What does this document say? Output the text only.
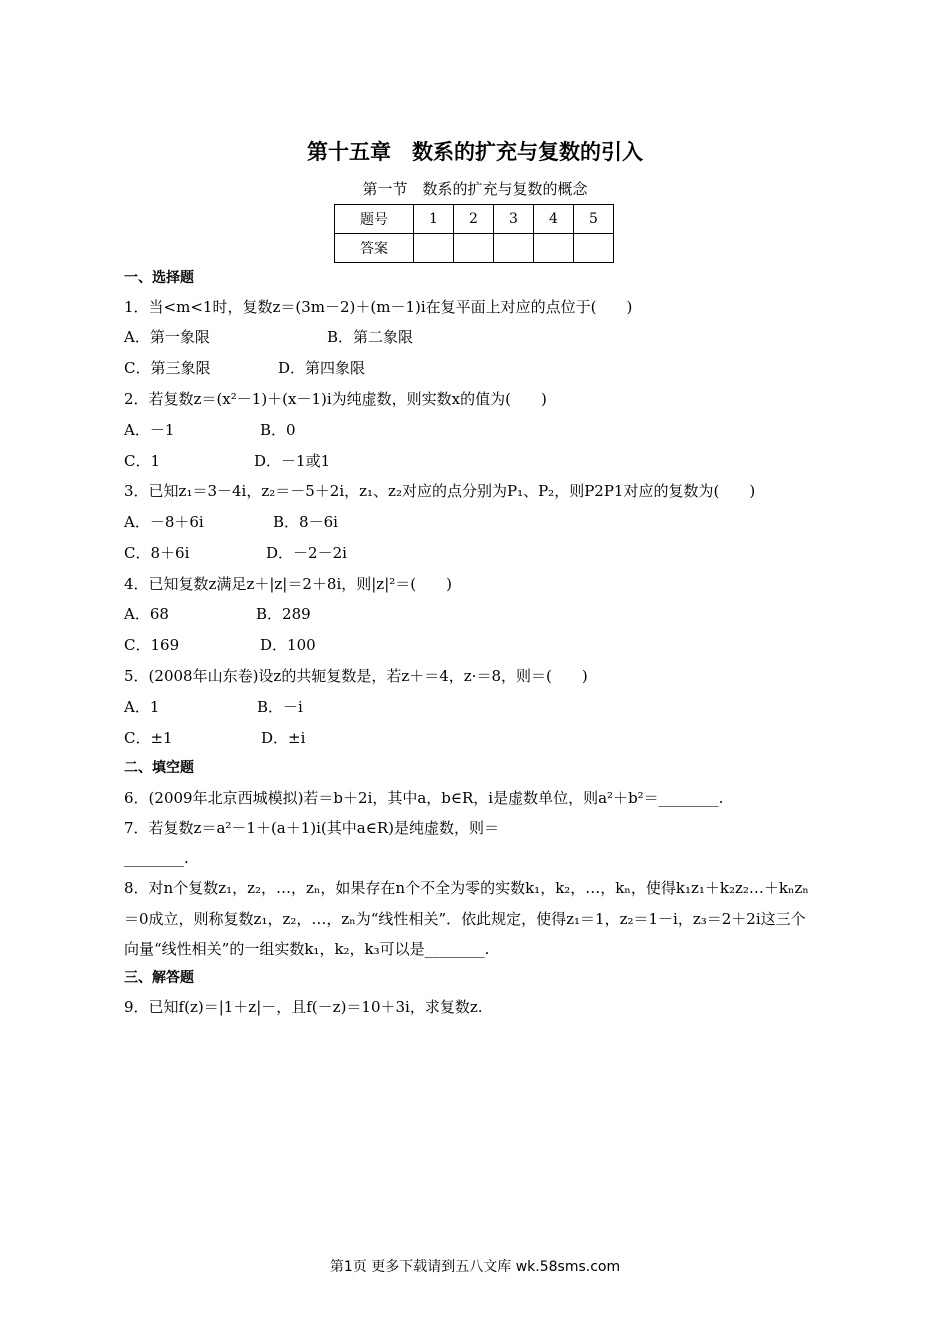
第十五章　数系的扩充与复数的引入
第一节　数系的扩充与复数的概念
题号	1	2	3	4	5
答案					
一、选择题
1．当<m<1时，复数z＝(3m－2)＋(m－1)i在复平面上对应的点位于(　　)
A．第一象限	B．第二象限
C．第三象限	D．第四象限
2．若复数z＝(x²－1)＋(x－1)i为纯虚数，则实数x的值为(　　)
A．－1	B．0
C．1	D．－1或1
3．已知z₁＝3－4i，z₂＝－5＋2i，z₁、z₂对应的点分别为P₁、P₂，则P2P1对应的复数为(　　)
A．－8＋6i	B．8－6i
C．8＋6i	D．－2－2i
4．已知复数z满足z＋|z|＝2＋8i，则|z|²＝(　　)
A．68	B．289
C．169	D．100
5．(2008年山东卷)设z的共轭复数是，若z＋＝4，z·＝8，则＝(　　)
A．1	B．－i
C．±1	D．±i
二、填空题
6．(2009年北京西城模拟)若＝b＋2i，其中a，b∈R，i是虚数单位，则a²＋b²＝________.
7．若复数z＝a²－1＋(a＋1)i(其中a∈R)是纯虚数，则＝
________.
8．对n个复数z₁，z₂，…，zₙ，如果存在n个不全为零的实数k₁，k₂，…，kₙ，使得k₁z₁＋k₂z₂…＋kₙzₙ
＝0成立，则称复数z₁，z₂，…，zₙ为“线性相关”．依此规定，使得z₁＝1，z₂＝1－i，z₃＝2＋2i这三个
向量“线性相关”的一组实数k₁，k₂，k₃可以是________.
三、解答题
9．已知f(z)＝|1＋z|－，且f(－z)＝10＋3i，求复数z.
第1页 更多下载请到五八文库 wk.58sms.com
